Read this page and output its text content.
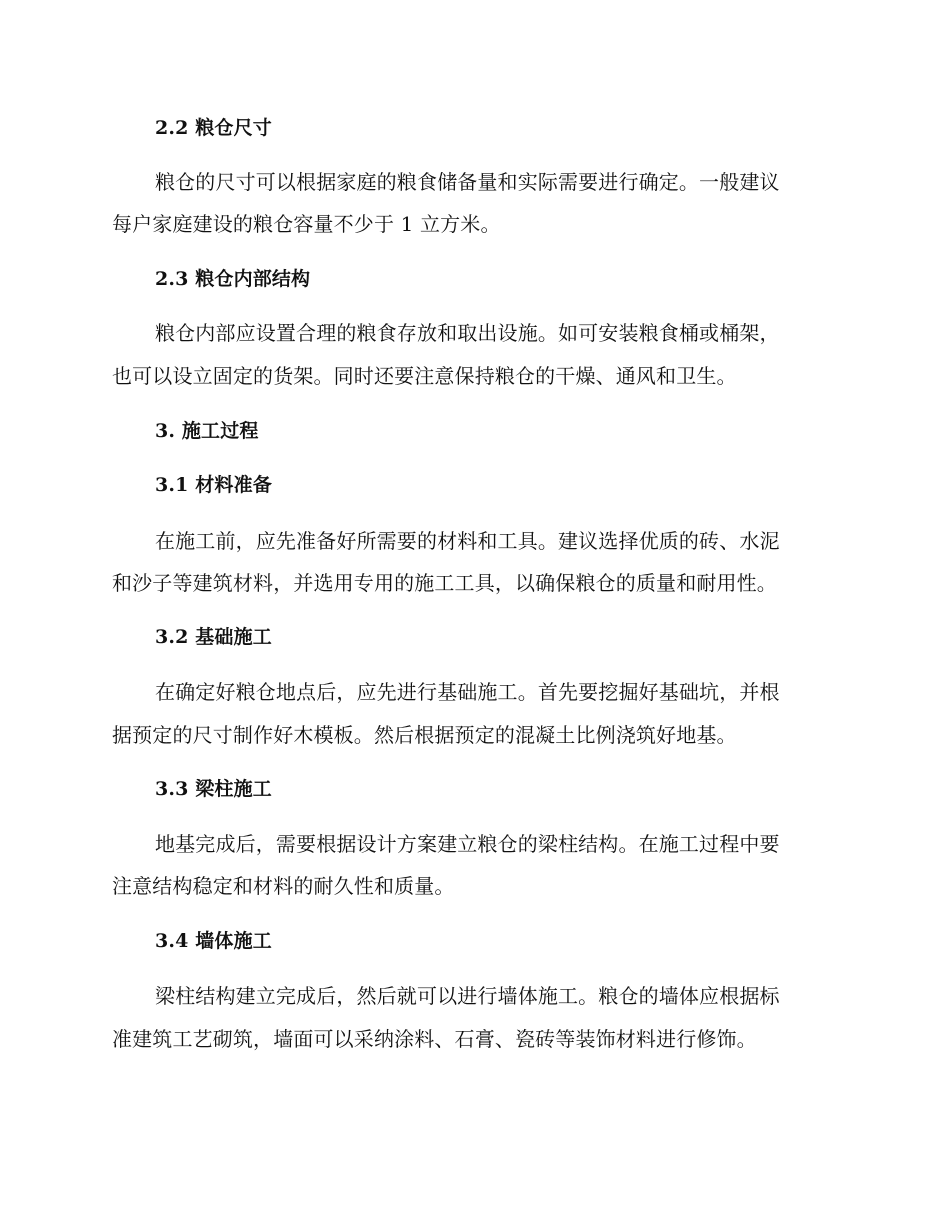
2.2 粮仓尺寸
粮仓的尺寸可以根据家庭的粮食储备量和实际需要进行确定。一般建议
每户家庭建设的粮仓容量不少于 1 立方米。
2.3 粮仓内部结构
粮仓内部应设置合理的粮食存放和取出设施。如可安装粮食桶或桶架，
也可以设立固定的货架。同时还要注意保持粮仓的干燥、通风和卫生。
3. 施工过程
3.1 材料准备
在施工前，应先准备好所需要的材料和工具。建议选择优质的砖、水泥
和沙子等建筑材料，并选用专用的施工工具，以确保粮仓的质量和耐用性。
3.2 基础施工
在确定好粮仓地点后，应先进行基础施工。首先要挖掘好基础坑，并根
据预定的尺寸制作好木模板。然后根据预定的混凝土比例浇筑好地基。
3.3 梁柱施工
地基完成后，需要根据设计方案建立粮仓的梁柱结构。在施工过程中要
注意结构稳定和材料的耐久性和质量。
3.4 墙体施工
梁柱结构建立完成后，然后就可以进行墙体施工。粮仓的墙体应根据标
准建筑工艺砌筑，墙面可以采纳涂料、石膏、瓷砖等装饰材料进行修饰。
